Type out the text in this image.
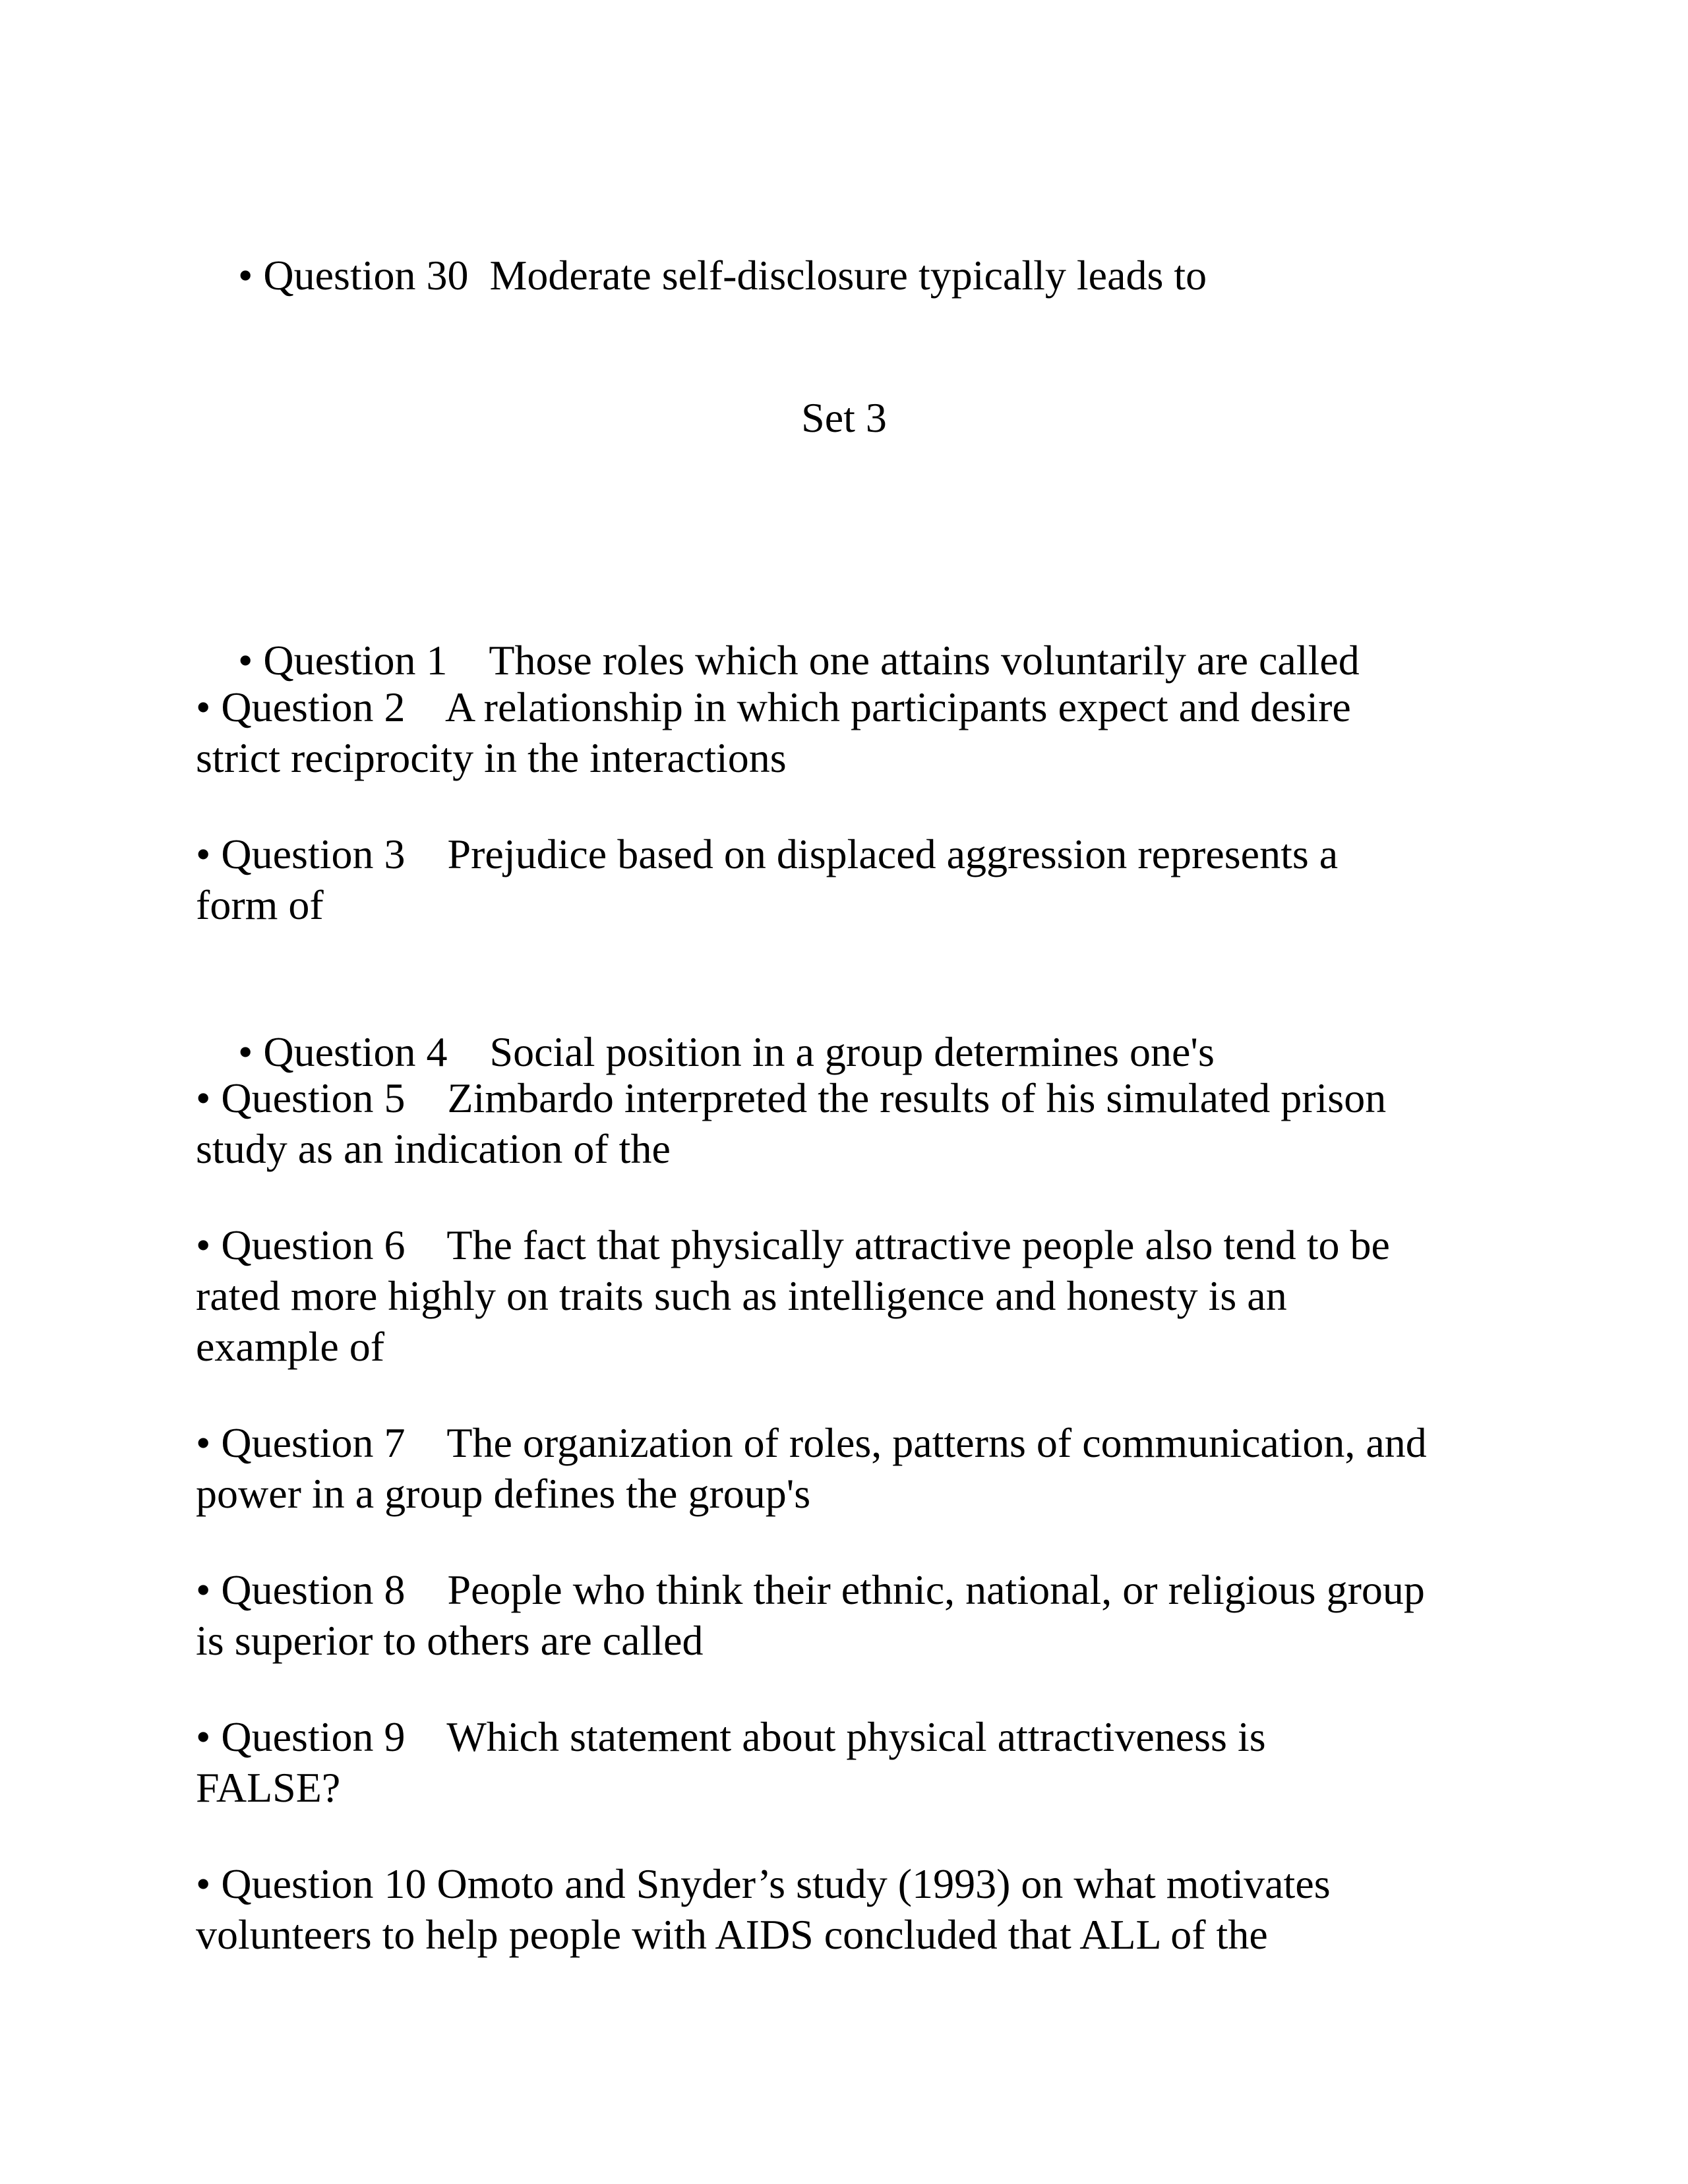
• Question 30  Moderate self-disclosure typically leads to

Set 3

• Question 1    Those roles which one attains voluntarily are called

• Question 2    A relationship in which participants expect and desire
strict reciprocity in the interactions

• Question 3    Prejudice based on displaced aggression represents a
form of

• Question 4    Social position in a group determines one's

• Question 5    Zimbardo interpreted the results of his simulated prison
study as an indication of the

• Question 6    The fact that physically attractive people also tend to be
rated more highly on traits such as intelligence and honesty is an
example of

• Question 7    The organization of roles, patterns of communication, and
power in a group defines the group's

• Question 8    People who think their ethnic, national, or religious group
is superior to others are called

• Question 9    Which statement about physical attractiveness is
FALSE?

• Question 10 Omoto and Snyder’s study (1993) on what motivates
volunteers to help people with AIDS concluded that ALL of the
